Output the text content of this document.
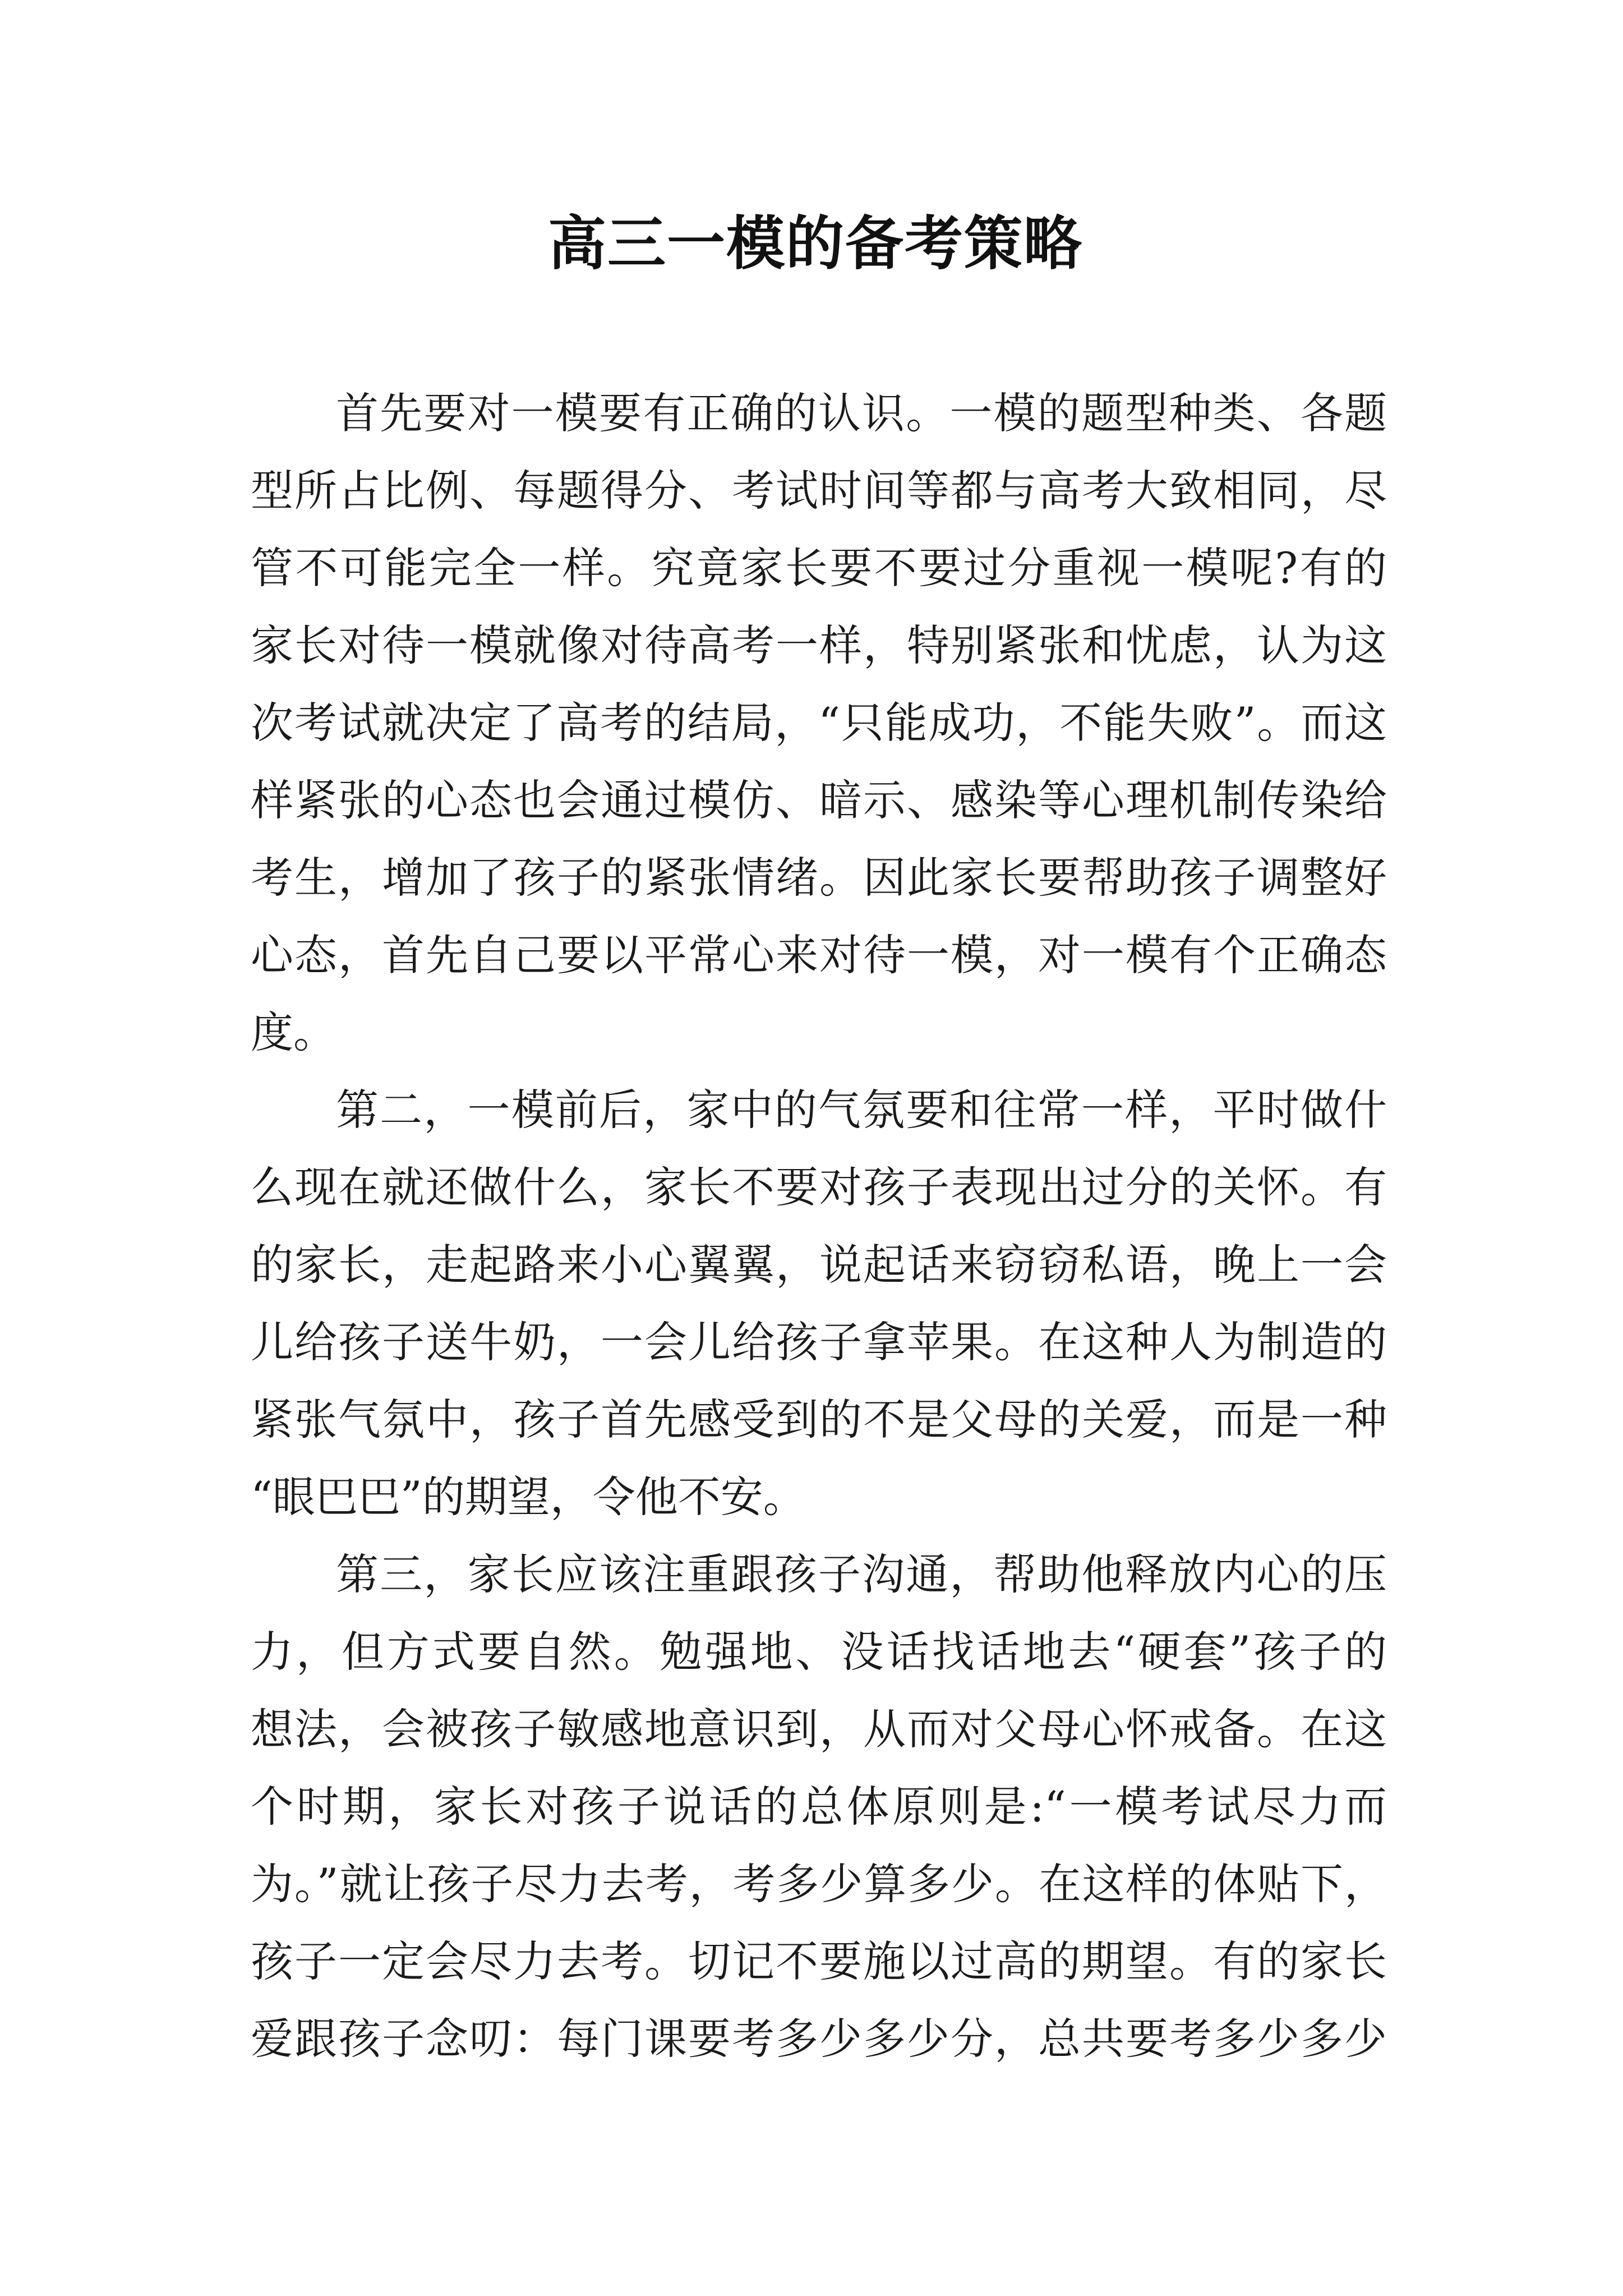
高三一模的备考策略
首先要对一模要有正确的认识。一模的题型种类、各题
型所占比例、每题得分、考试时间等都与高考大致相同，尽
管不可能完全一样。究竟家长要不要过分重视一模呢?有的
家长对待一模就像对待高考一样，特别紧张和忧虑，认为这
次考试就决定了高考的结局，“只能成功，不能失败”。而这
样紧张的心态也会通过模仿、暗示、感染等心理机制传染给
考生，增加了孩子的紧张情绪。因此家长要帮助孩子调整好
心态，首先自己要以平常心来对待一模，对一模有个正确态
度。
第二，一模前后，家中的气氛要和往常一样，平时做什
么现在就还做什么，家长不要对孩子表现出过分的关怀。有
的家长，走起路来小心翼翼，说起话来窃窃私语，晚上一会
儿给孩子送牛奶，一会儿给孩子拿苹果。在这种人为制造的
紧张气氛中，孩子首先感受到的不是父母的关爱，而是一种
“眼巴巴”的期望，令他不安。
第三，家长应该注重跟孩子沟通，帮助他释放内心的压
力，但方式要自然。勉强地、没话找话地去“硬套”孩子的
想法，会被孩子敏感地意识到，从而对父母心怀戒备。在这
个时期，家长对孩子说话的总体原则是:“一模考试尽力而
为。”就让孩子尽力去考，考多少算多少。在这样的体贴下，
孩子一定会尽力去考。切记不要施以过高的期望。有的家长
爱跟孩子念叨：每门课要考多少多少分，总共要考多少多少
